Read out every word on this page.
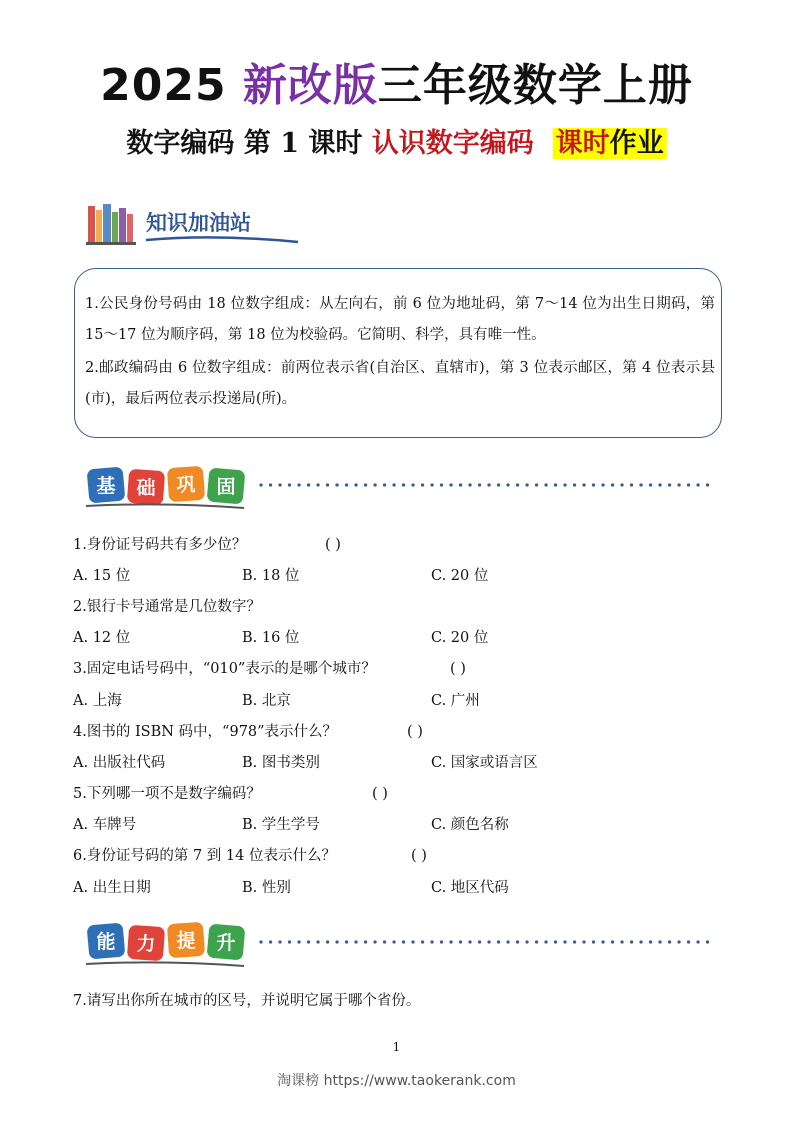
2025 新改版三年级数学上册
数字编码 第 1 课时 认识数字编码 课时作业
知识加油站

1.公民身份号码由 18 位数字组成：从左向右，前 6 位为地址码，第 7～14 位为出生日期码，第 15～17 位为顺序码，第 18 位为校验码。它简明、科学，具有唯一性。

2.邮政编码由 6 位数字组成：前两位表示省(自治区、直辖市)，第 3 位表示邮区，第 4 位表示县(市)，最后两位表示投递局(所)。

基 础 巩 固
1.身份证号码共有多少位？	( )
A. 15 位	B. 18 位	C. 20 位
2.银行卡号通常是几位数字？
A. 12 位	B. 16 位	C. 20 位
3.固定电话号码中，“010”表示的是哪个城市？	( )
A. 上海	B. 北京	C. 广州
4.图书的 ISBN 码中，“978”表示什么？	( )
A. 出版社代码	B. 图书类别	C. 国家或语言区
5.下列哪一项不是数字编码？	( )
A. 车牌号	B. 学生学号	C. 颜色名称
6.身份证号码的第 7 到 14 位表示什么？	( )
A. 出生日期	B. 性别	C. 地区代码
能 力 提 升
7.请写出你所在城市的区号，并说明它属于哪个省份。
1
淘课榜 https://www.taokerank.com
